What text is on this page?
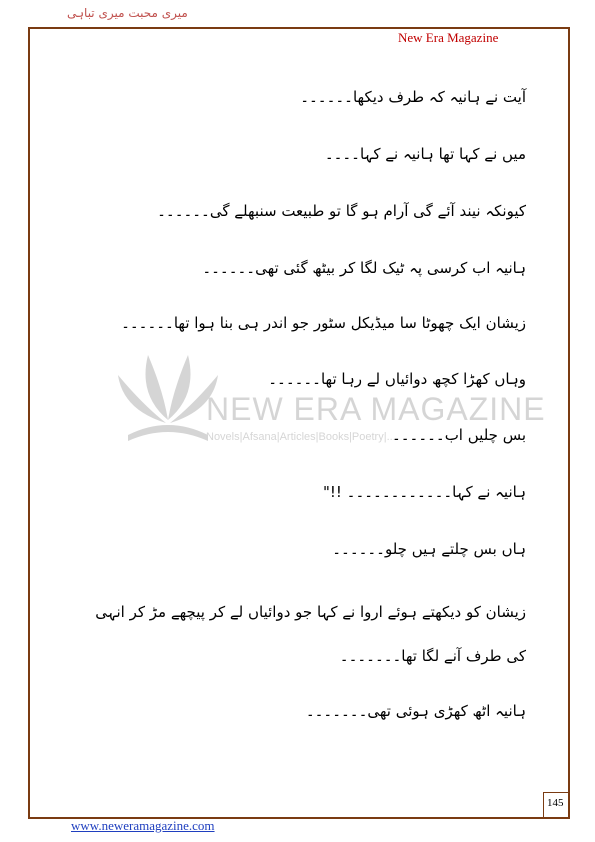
میری محبت میری تباہی
New Era Magazine
NEW ERA MAGAZINE
Novels|Afsana|Articles|Books|Poetry|...
آیت نے ہانیہ کہ طرف دیکھا۔۔۔۔۔۔
میں نے کہا تھا ہانیہ نے کہا۔۔۔۔
کیونکہ نیند آئے گی آرام ہو گا تو طبیعت سنبھلے گی۔۔۔۔۔۔
ہانیہ اب کرسی پہ ٹیک لگا کر بیٹھ گئی تھی۔۔۔۔۔۔
زیشان ایک چھوٹا سا میڈیکل سٹور جو اندر ہی بنا ہوا تھا۔۔۔۔۔۔
وہاں کھڑا کچھ دوائیاں لے رہا تھا۔۔۔۔۔۔
بس چلیں اب۔۔۔۔۔۔
ہانیہ نے کہا۔۔۔۔۔۔۔۔۔۔۔۔ !!"
ہاں بس چلتے ہیں چلو۔۔۔۔۔۔
زیشان کو دیکھتے ہوئے اروا نے کہا جو دوائیاں لے کر پیچھے مڑ کر انہی کی طرف آنے لگا تھا۔۔۔۔۔۔۔
ہانیہ اٹھ کھڑی ہوئی تھی۔۔۔۔۔۔۔
145
www.neweramagazine.com
